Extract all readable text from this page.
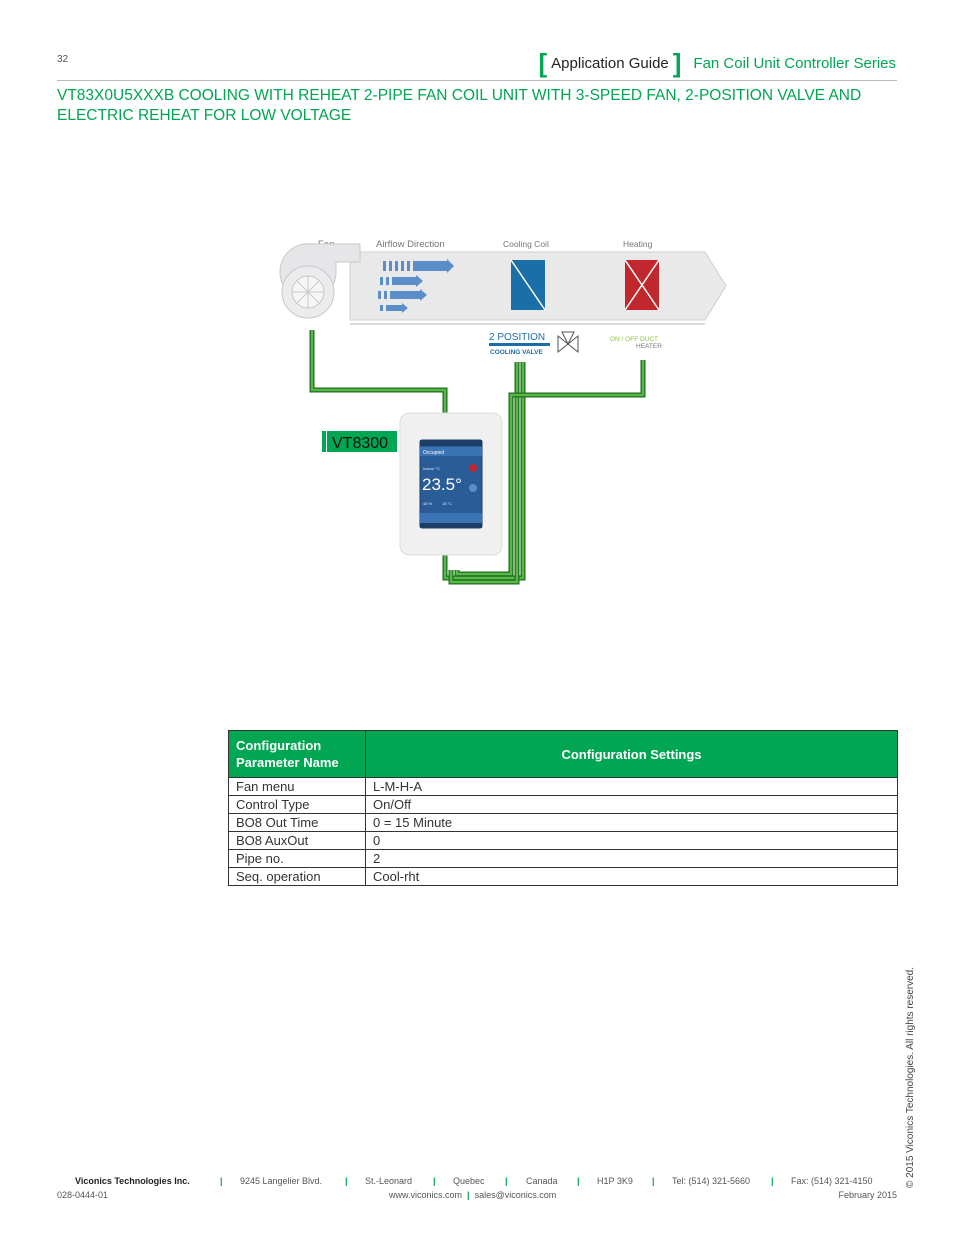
32	[ Application Guide ] Fan Coil Unit Controller Series
VT83X0U5XXXB COOLING WITH REHEAT 2-PIPE FAN COIL UNIT WITH 3-SPEED FAN, 2-POSITION VALVE AND ELECTRIC REHEAT FOR LOW VOLTAGE
Airflow Direction	Cooling Coil	Heating
2 POSITION
COOLING VALVE
ON / OFF DUCT
HEATER
VT8300
Occupied
Indoor °C
23.5°
45 % 18 °C
Configuration Parameter Name	Configuration Settings
Fan menu	L-M-H-A
Control Type	On/Off
BO8 Out Time	0 = 15 Minute
BO8 AuxOut	0
Pipe no.	2
Seq. operation	Cool-rht
© 2015 Viconics Technologies. All rights reserved.
Viconics Technologies Inc.	|	9245 Langelier Blvd.	|	St.-Leonard	|	Quebec	|	Canada	|	H1P 3K9	|	Tel: (514) 321-5660	|	Fax: (514) 321-4150
028-0444-01	www.viconics.com  |  sales@viconics.com	February 2015
